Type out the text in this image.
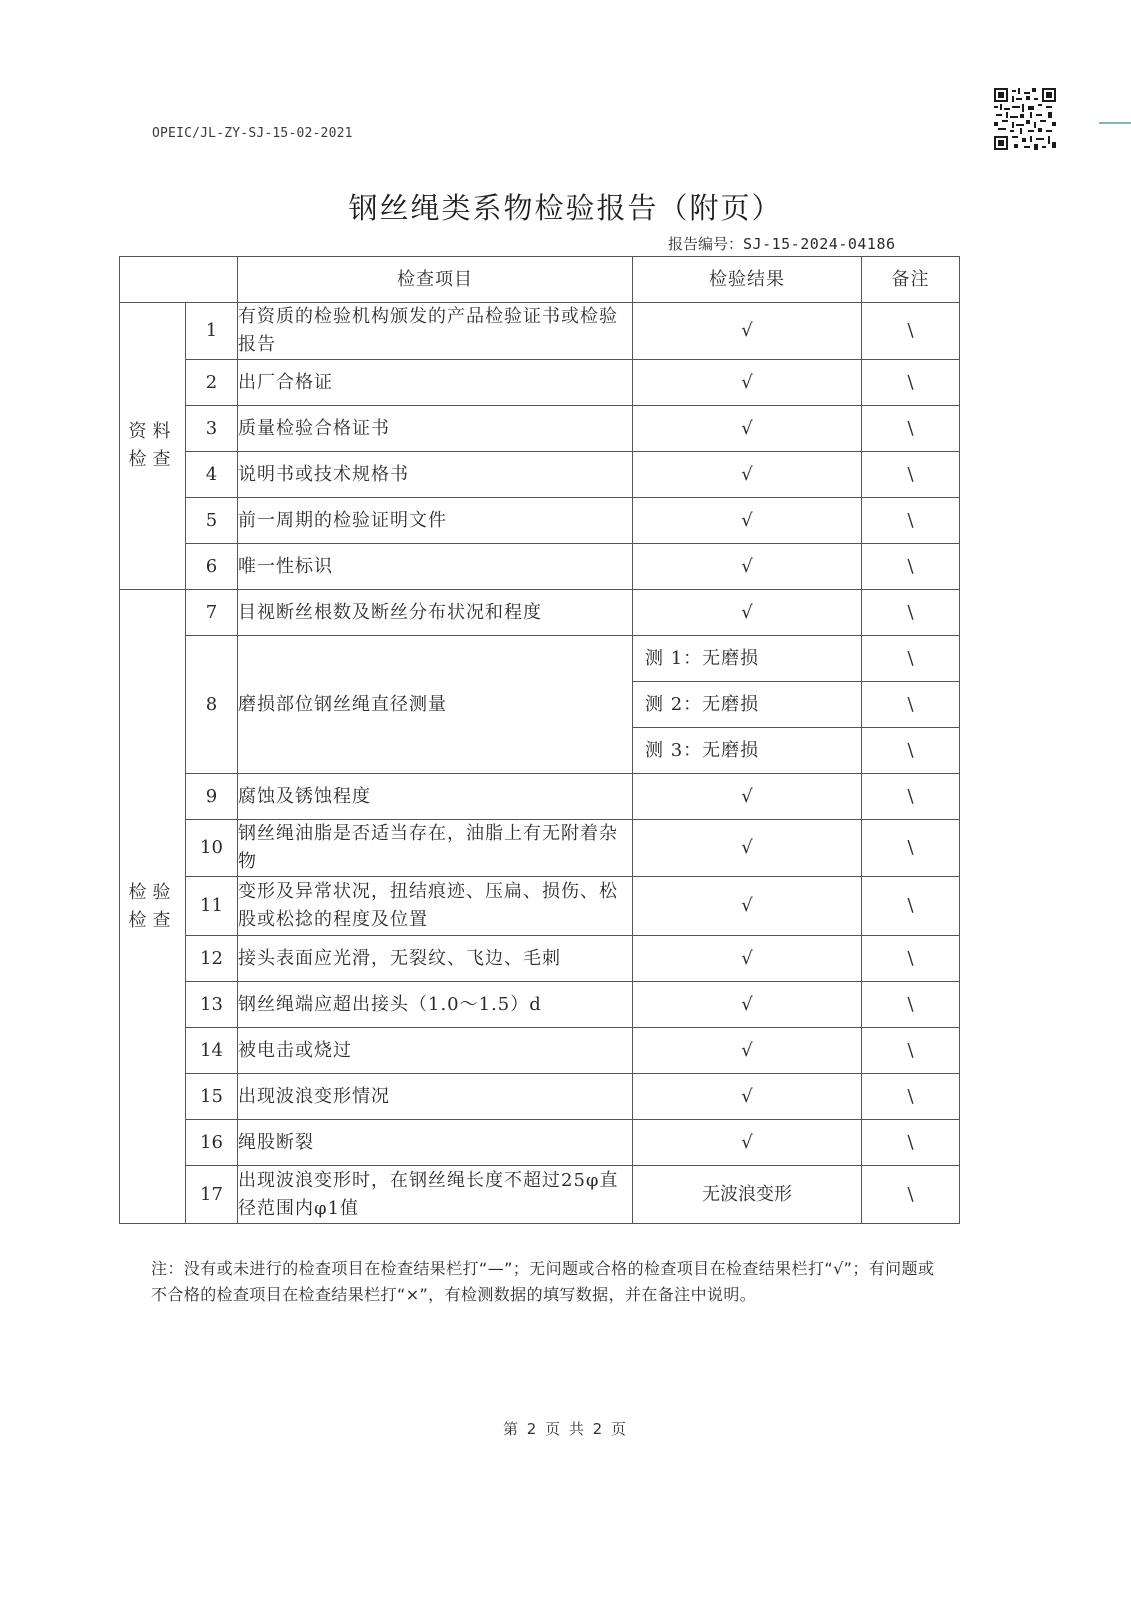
OPEIC/JL-ZY-SJ-15-02-2021
钢丝绳类系物检验报告（附页）
报告编号：SJ-15-2024-04186
		检查项目	检验结果	备注
资料
检查	1	有资质的检验机构颁发的产品检验证书或检验报告	√	\
	2	出厂合格证	√	\
	3	质量检验合格证书	√	\
	4	说明书或技术规格书	√	\
	5	前一周期的检验证明文件	√	\
	6	唯一性标识	√	\
检验
检查	7	目视断丝根数及断丝分布状况和程度	√	\
	8	磨损部位钢丝绳直径测量	测 1：无磨损	\
			测 2：无磨损	\
			测 3：无磨损	\
	9	腐蚀及锈蚀程度	√	\
	10	钢丝绳油脂是否适当存在，油脂上有无附着杂物	√	\
	11	变形及异常状况，扭结痕迹、压扁、损伤、松股或松捻的程度及位置	√	\
	12	接头表面应光滑，无裂纹、飞边、毛刺	√	\
	13	钢丝绳端应超出接头（1.0～1.5）d	√	\
	14	被电击或烧过	√	\
	15	出现波浪变形情况	√	\
	16	绳股断裂	√	\
	17	出现波浪变形时，在钢丝绳长度不超过25φ直径范围内φ1值	无波浪变形	\
注：没有或未进行的检查项目在检查结果栏打“—”；无问题或合格的检查项目在检查结果栏打“√”；有问题或不合格的检查项目在检查结果栏打“×”，有检测数据的填写数据，并在备注中说明。
第 2 页 共 2 页
